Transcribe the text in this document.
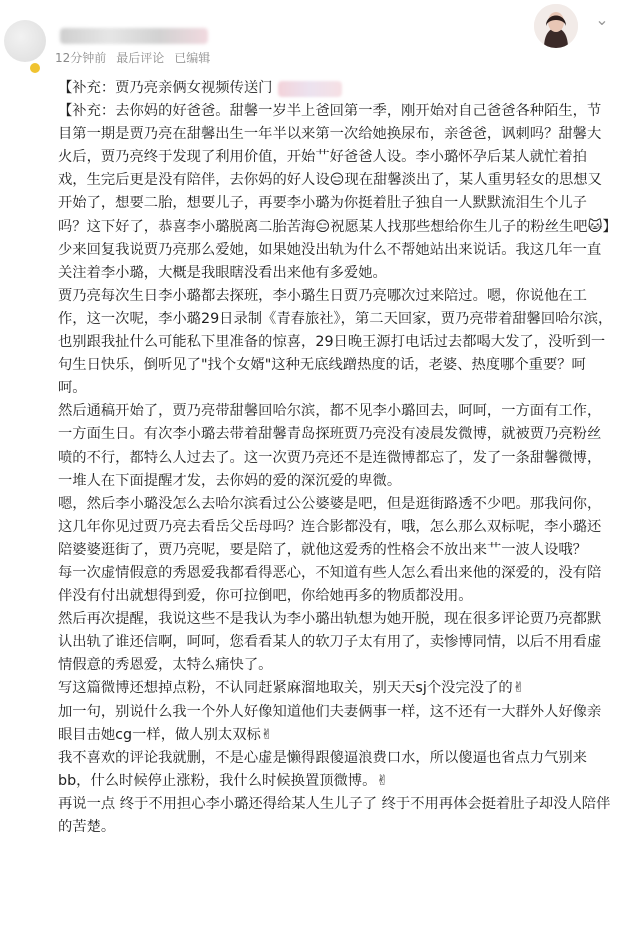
12分钟前 最后评论 已编辑
⌄

【补充：贾乃亮亲俩女视频传送门

【补充：去你妈的好爸爸。甜馨一岁半上爸回第一季，刚开始对自己爸爸各种陌生，节目第一期是贾乃亮在甜馨出生一年半以来第一次给她换尿布，亲爸爸，讽刺吗？甜馨大火后，贾乃亮终于发现了利用价值，开始艹好爸爸人设。李小璐怀孕后某人就忙着拍戏，生完后更是没有陪伴，去你妈的好人设😑现在甜馨淡出了，某人重男轻女的思想又开始了，想要二胎，想要儿子，再要李小璐为你挺着肚子独自一人默默流泪生个儿子吗？这下好了，恭喜李小璐脱离二胎苦海😑祝愿某人找那些想给你生儿子的粉丝生吧🐱】

少来回复我说贾乃亮那么爱她，如果她没出轨为什么不帮她站出来说话。我这几年一直关注着李小璐，大概是我眼瞎没看出来他有多爱她。

贾乃亮每次生日李小璐都去探班，李小璐生日贾乃亮哪次过来陪过。嗯，你说他在工作，这一次呢，李小璐29日录制《青春旅社》，第二天回家，贾乃亮带着甜馨回哈尔滨，也别跟我扯什么可能私下里准备的惊喜，29日晚王源打电话过去都喝大发了，没听到一句生日快乐，倒听见了"找个女婿"这种无底线蹭热度的话，老婆、热度哪个重要？呵呵。

然后通稿开始了，贾乃亮带甜馨回哈尔滨，都不见李小璐回去，呵呵，一方面有工作，一方面生日。有次李小璐去带着甜馨青岛探班贾乃亮没有凌晨发微博，就被贾乃亮粉丝喷的不行，都特么人过去了。这一次贾乃亮还不是连微博都忘了，发了一条甜馨微博，一堆人在下面提醒才发，去你妈的爱的深沉爱的卑微。

嗯，然后李小璐没怎么去哈尔滨看过公公婆婆是吧，但是逛街路透不少吧。那我问你，这几年你见过贾乃亮去看岳父岳母吗？连合影都没有，哦，怎么那么双标呢，李小璐还陪婆婆逛街了，贾乃亮呢，要是陪了，就他这爱秀的性格会不放出来艹一波人设哦？

每一次虚情假意的秀恩爱我都看得恶心，不知道有些人怎么看出来他的深爱的，没有陪伴没有付出就想得到爱，你可拉倒吧，你给她再多的物质都没用。

然后再次提醒，我说这些不是我认为李小璐出轨想为她开脱，现在很多评论贾乃亮都默认出轨了谁还信啊，呵呵，您看看某人的软刀子太有用了，卖惨博同情，以后不用看虚情假意的秀恩爱，太特么痛快了。

写这篇微博还想掉点粉，不认同赶紧麻溜地取关，别天天sj个没完没了的✌

加一句，别说什么我一个外人好像知道他们夫妻俩事一样，这不还有一大群外人好像亲眼目击她cg一样，做人别太双标✌

我不喜欢的评论我就删，不是心虚是懒得跟傻逼浪费口水，所以傻逼也省点力气别来bb，什么时候停止涨粉，我什么时候换置顶微博。✌

再说一点 终于不用担心李小璐还得给某人生儿子了 终于不用再体会挺着肚子却没人陪伴的苦楚。
